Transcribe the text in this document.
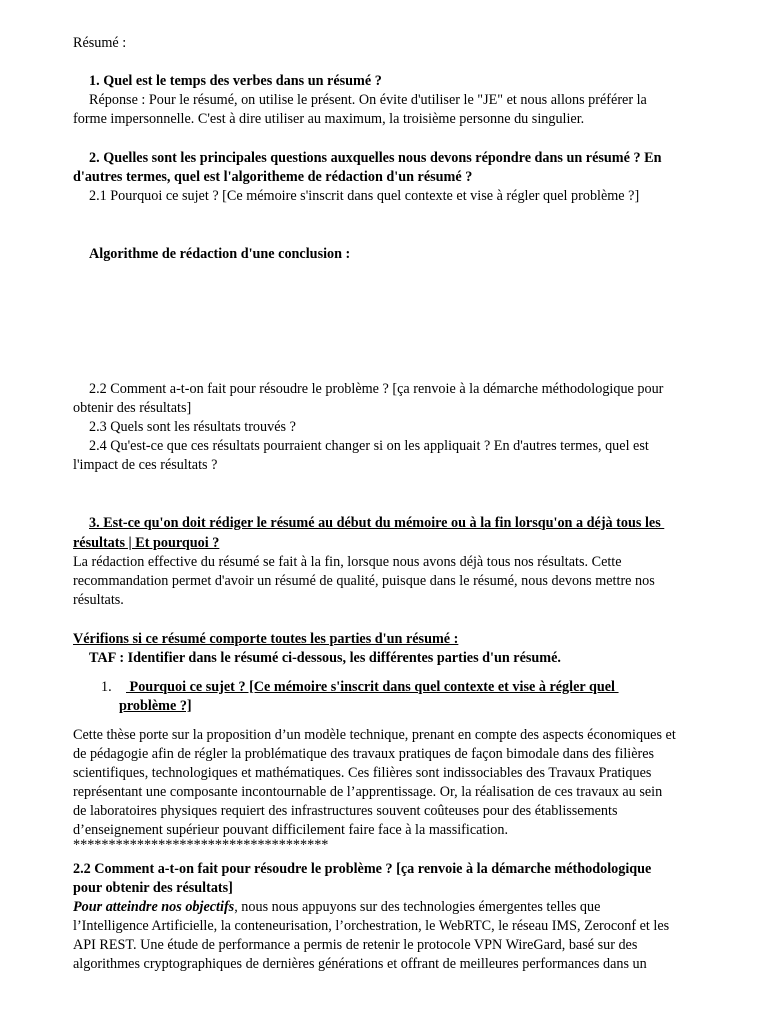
Résumé :
1. Quel est le temps des verbes dans un résumé ?
Réponse : Pour le résumé, on utilise le présent. On évite d'utiliser le "JE" et nous allons préférer la
forme impersonnelle. C'est à dire utiliser au maximum, la troisième personne du singulier.
2. Quelles sont les principales questions auxquelles nous devons répondre dans un résumé ? En
d'autres termes, quel est l'algoritheme de rédaction d'un résumé ?
2.1 Pourquoi ce sujet ? [Ce mémoire s'inscrit dans quel contexte et vise à régler quel problème ?]
Algorithme de rédaction d'une conclusion :
2.2 Comment a-t-on fait pour résoudre le problème ? [ça renvoie à la démarche méthodologique pour
obtenir des résultats]
2.3 Quels sont les résultats trouvés ?
2.4 Qu'est-ce que ces résultats pourraient changer si on les appliquait ? En d'autres termes, quel est
l'impact de ces résultats ?
3. Est-ce qu'on doit rédiger le résumé au début du mémoire ou à la fin lorsqu'on a déjà tous les
résultats | Et pourquoi ?
La rédaction effective du résumé se fait à la fin, lorsque nous avons déjà tous nos résultats. Cette
recommandation permet d'avoir un résumé de qualité, puisque dans le résumé, nous devons mettre nos
résultats.
Vérifions si ce résumé comporte toutes les parties d'un résumé :
TAF : Identifier dans le résumé ci-dessous, les différentes parties d'un résumé.
1.	Pourquoi ce sujet ? [Ce mémoire s'inscrit dans quel contexte et vise à régler quel
problème ?]
Cette thèse porte sur la proposition d’un modèle technique, prenant en compte des aspects économiques et
de pédagogie afin de régler la problématique des travaux pratiques de façon bimodale dans des filières
scientifiques, technologiques et mathématiques. Ces filières sont indissociables des Travaux Pratiques
représentant une composante incontournable de l’apprentissage. Or, la réalisation de ces travaux au sein
de laboratoires physiques requiert des infrastructures souvent coûteuses pour des établissements
d’enseignement supérieur pouvant difficilement faire face à la massification.
************************************
2.2 Comment a-t-on fait pour résoudre le problème ? [ça renvoie à la démarche méthodologique
pour obtenir des résultats]
Pour atteindre nos objectifs, nous nous appuyons sur des technologies émergentes telles que
l’Intelligence Artificielle, la conteneurisation, l’orchestration, le WebRTC, le réseau IMS, Zeroconf et les
API REST. Une étude de performance a permis de retenir le protocole VPN WireGard, basé sur des
algorithmes cryptographiques de dernières générations et offrant de meilleures performances dans un
